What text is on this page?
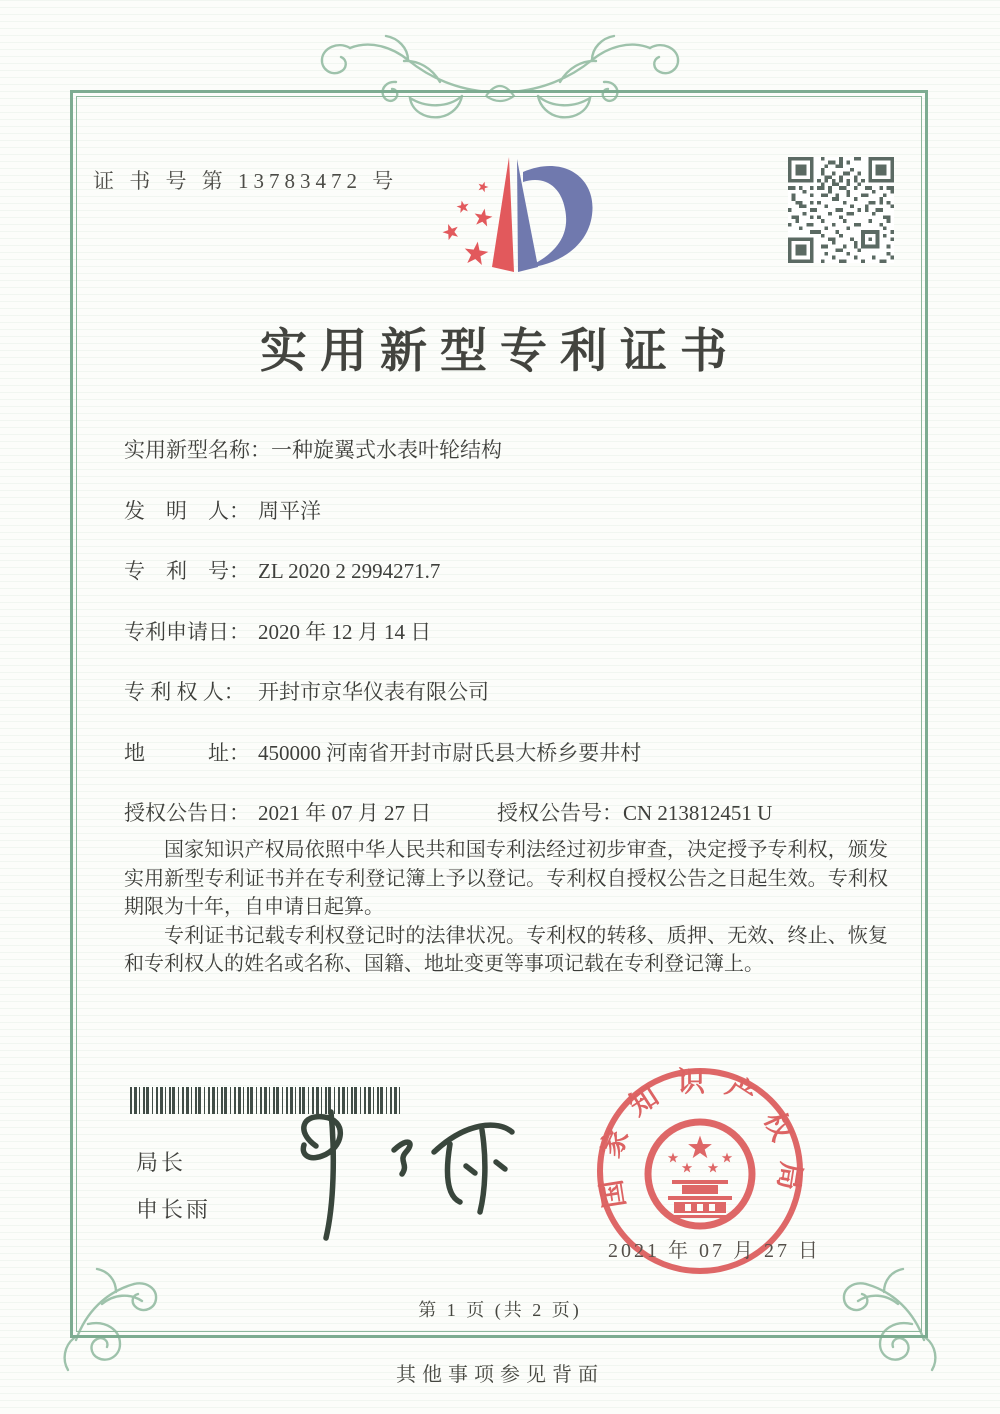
证 书 号 第 13783472 号
实用新型专利证书
实用新型名称：一种旋翼式水表叶轮结构
发　明　人： 周平洋
专　利　号： ZL 2020 2 2994271.7
专利申请日： 2020 年 12 月 14 日
专 利 权 人： 开封市京华仪表有限公司
地　　　址： 450000 河南省开封市尉氏县大桥乡要井村
授权公告日： 2021 年 07 月 27 日	授权公告号：CN 213812451 U

国家知识产权局依照中华人民共和国专利法经过初步审查，决定授予专利权，颁发实用新型专利证书并在专利登记簿上予以登记。专利权自授权公告之日起生效。专利权期限为十年，自申请日起算。

专利证书记载专利权登记时的法律状况。专利权的转移、质押、无效、终止、恢复和专利权人的姓名或名称、国籍、地址变更等事项记载在专利登记簿上。

局长
申长雨	国家知识产权局
2021 年 07 月 27 日
第 1 页 (共 2 页)
其他事项参见背面
